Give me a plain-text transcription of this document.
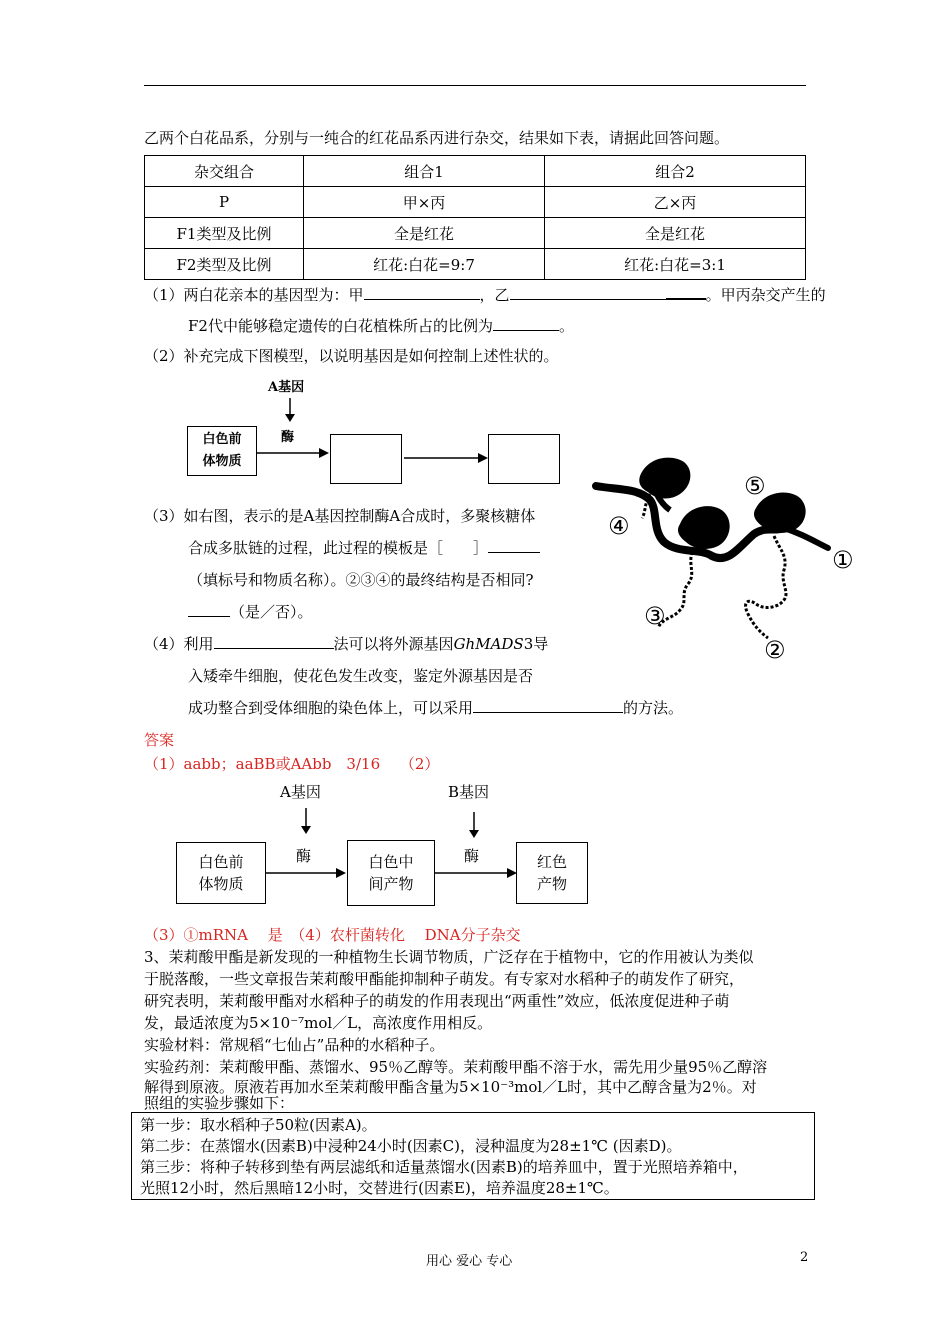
乙两个白花品系，分别与一纯合的红花品系丙进行杂交，结果如下表，请据此回答问题。
杂交组合	组合1	组合2
P	甲×丙	乙×丙
F1类型及比例	全是红花	全是红花
F2类型及比例	红花:白花=9:7	红花:白花=3:1
（1）两白花亲本的基因型为：甲	，乙	。甲丙杂交产生的
F2代中能够稳定遗传的白花植株所占的比例为	。
（2）补充完成下图模型，以说明基因是如何控制上述性状的。
A基因
酶
白色前
体物质
（3）如右图，表示的是A基因控制酶A合成时，多聚核糖体
合成多肽链的过程，此过程的模板是［ ］
（填标号和物质名称）。②③④的最终结构是否相同?
（是／否）。
①
②
③
④
⑤
（4）利用	法可以将外源基因GhMADS3导
入矮牵牛细胞，使花色发生改变，鉴定外源基因是否
成功整合到受体细胞的染色体上，可以采用	的方法。
答案
（1）aabb；aaBB或AAbb　3/16　 （2）
A基因	B基因
酶	酶
白色前
体物质
白色中
间产物
红色
产物
（3）①mRNA　 是　（4）农杆菌转化　 DNA分子杂交
3、茉莉酸甲酯是新发现的一种植物生长调节物质，广泛存在于植物中，它的作用被认为类似
于脱落酸，一些文章报告茉莉酸甲酯能抑制种子萌发。有专家对水稻种子的萌发作了研究，
研究表明，茉莉酸甲酯对水稻种子的萌发的作用表现出“两重性”效应，低浓度促进种子萌
发，最适浓度为5×10⁻⁷mol／L，高浓度作用相反。
实验材料：常规稻“七仙占”品种的水稻种子。
实验药剂：茉莉酸甲酯、蒸馏水、95％乙醇等。茉莉酸甲酯不溶于水，需先用少量95％乙醇溶
解得到原液。原液若再加水至茉莉酸甲酯含量为5×10⁻³mol／L时，其中乙醇含量为2％。对
照组的实验步骤如下：
第一步：取水稻种子50粒(因素A)。
第二步：在蒸馏水(因素B)中浸种24小时(因素C)，浸种温度为28±1℃ (因素D)。
第三步：将种子转移到垫有两层滤纸和适量蒸馏水(因素B)的培养皿中，置于光照培养箱中，
光照12小时，然后黑暗12小时，交替进行(因素E)，培养温度28±1℃。
用心 爱心 专心	2
